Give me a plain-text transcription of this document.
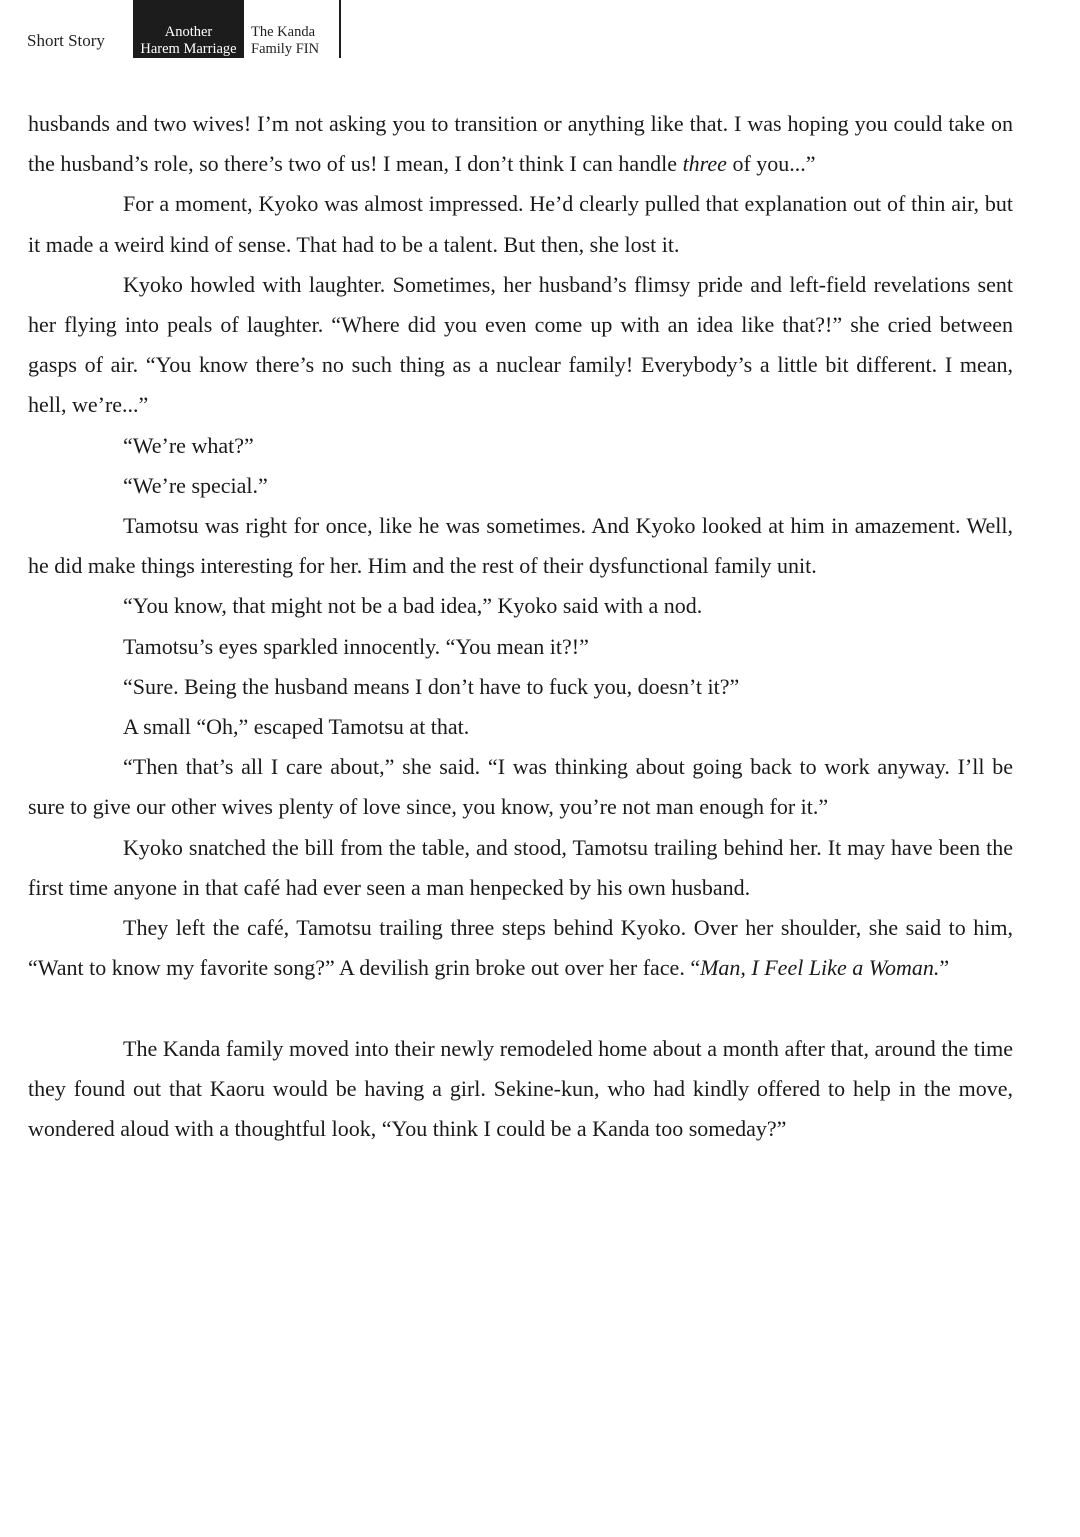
Short Story	Another
Harem Marriage
The Kanda
Family FIN

husbands and two wives! I’m not asking you to transition or anything like that. I was hoping you could take on the husband’s role, so there’s two of us! I mean, I don’t think I can handle three of you...”

For a moment, Kyoko was almost impressed. He’d clearly pulled that explanation out of thin air, but it made a weird kind of sense. That had to be a talent. But then, she lost it.

Kyoko howled with laughter. Sometimes, her husband’s flimsy pride and left-field revelations sent her flying into peals of laughter. “Where did you even come up with an idea like that?!” she cried between gasps of air. “You know there’s no such thing as a nuclear family! Everybody’s a little bit different. I mean, hell, we’re...”

“We’re what?”

“We’re special.”

Tamotsu was right for once, like he was sometimes. And Kyoko looked at him in amazement. Well, he did make things interesting for her. Him and the rest of their dysfunctional family unit.

“You know, that might not be a bad idea,” Kyoko said with a nod.

Tamotsu’s eyes sparkled innocently. “You mean it?!”

“Sure. Being the husband means I don’t have to fuck you, doesn’t it?”

A small “Oh,” escaped Tamotsu at that.

“Then that’s all I care about,” she said. “I was thinking about going back to work anyway. I’ll be sure to give our other wives plenty of love since, you know, you’re not man enough for it.”

Kyoko snatched the bill from the table, and stood, Tamotsu trailing behind her. It may have been the first time anyone in that café had ever seen a man henpecked by his own husband.

They left the café, Tamotsu trailing three steps behind Kyoko. Over her shoulder, she said to him, “Want to know my favorite song?” A devilish grin broke out over her face. “Man, I Feel Like a Woman.”

The Kanda family moved into their newly remodeled home about a month after that, around the time they found out that Kaoru would be having a girl. Sekine-kun, who had kindly offered to help in the move, wondered aloud with a thoughtful look, “You think I could be a Kanda too someday?”
